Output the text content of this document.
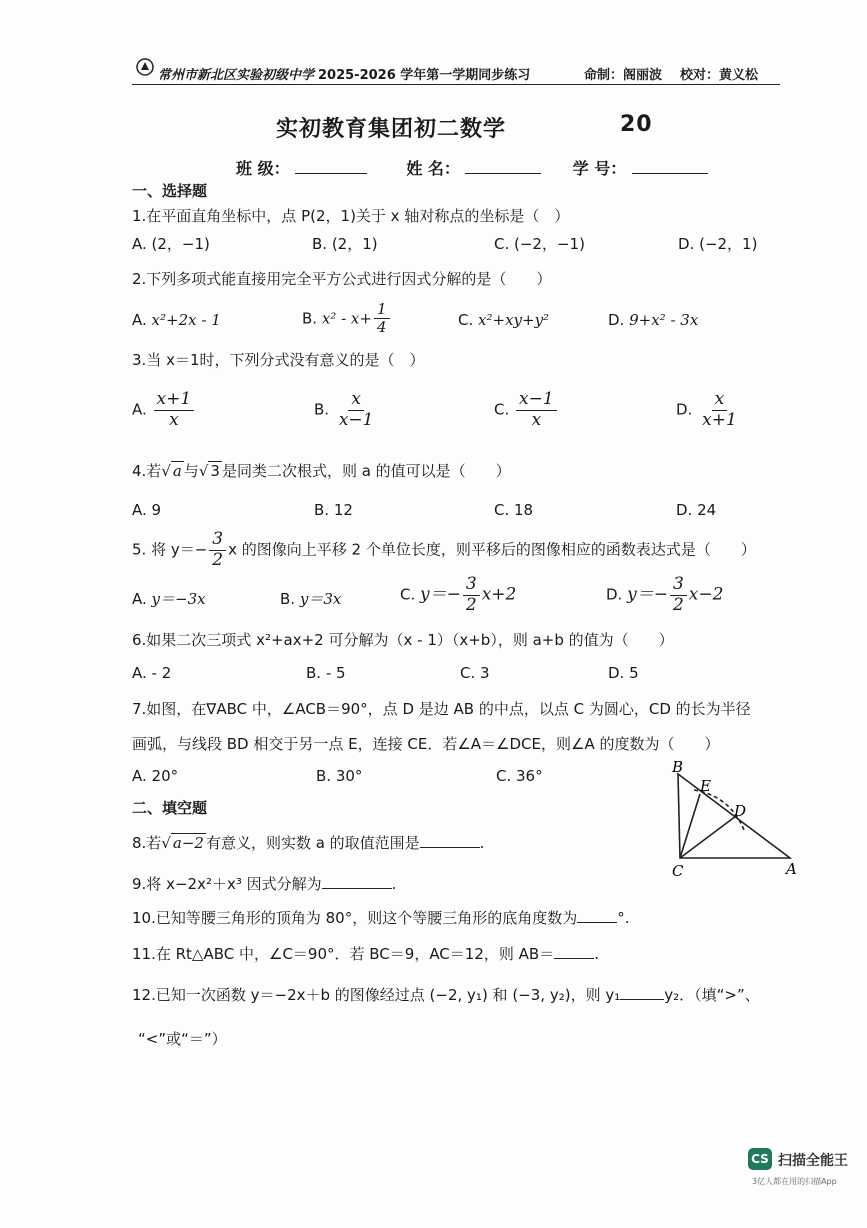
常州市新北区实验初级中学 2025-2026 学年第一学期同步练习	命制：阁丽波 校对：黄义松
实初教育集团初二数学	20
班 级：	姓 名：	学 号：
一、选择题
1.在平面直角坐标中，点 P(2，1)关于 x 轴对称点的坐标是（　）
A. (2，−1)	B. (2，1)	C. (−2，−1)	D. (−2，1)
2.下列多项式能直接用完全平方公式进行因式分解的是（　　）
A. x²+2x - 1	B. $x^2 - x+ \frac{1}{4}$	C. x²+xy+y²	D. 9+x² - 3x
3.当 x＝1时，下列分式没有意义的是（　）
A. $\frac{x+1}{x}$	B. $\frac{x}{x-1}$	C. $\frac{x-1}{x}$	D. $\frac{x}{x+1}$
4.若√ a 与√ 3 是同类二次根式，则 a 的值可以是（　　）
A. 9	B. 12	C. 18	D. 24
5. 将 $y=- \frac{3}{2}$ x 的图像向上平移 2 个单位长度，则平移后的图像相应的函数表达式是（　　）
A. y＝−3x	B. y＝3x	C. $y=- \frac{3}{2} x+2$	D. $y=- \frac{3}{2} x-2$
6.如果二次三项式 x²+ax+2 可分解为（x - 1）（x+b），则 a+b 的值为（　　）
A. - 2	B. - 5	C. 3	D. 5
7.如图，在∇ABC 中，∠ACB＝90°，点 D 是边 AB 的中点，以点 C 为圆心，CD 的长为半径
画弧，与线段 BD 相交于另一点 E，连接 CE．若∠A＝∠DCE，则∠A 的度数为（　　）
A. 20°	B. 30°	C. 36°	B
E
D
C	A
二、填空题
8.若√ a−2 有意义，则实数 a 的取值范围是	.
9.将 x−2x²＋x³ 因式分解为	.
10.已知等腰三角形的顶角为 80°，则这个等腰三角形的底角度数为	°.
11.在 Rt△ABC 中，∠C＝90°．若 BC＝9，AC＝12，则 AB＝	.
12.已知一次函数 y＝−2x＋b 的图像经过点 (−2, y₁) 和 (−3, y₂)，则 y₁	y₂．（填“>”、
“<”或“＝”）
CS 扫描全能王
3亿人都在用的扫描App
